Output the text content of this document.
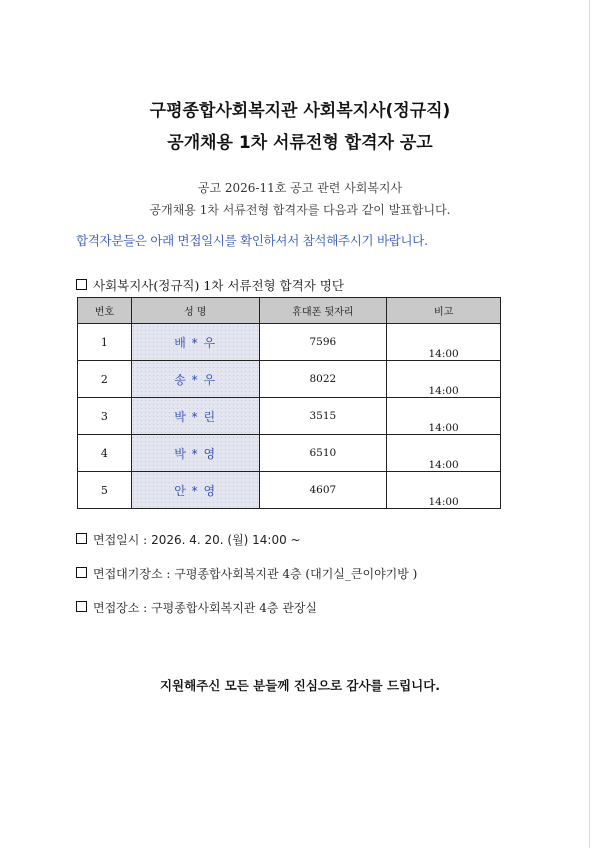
구평종합사회복지관 사회복지사(정규직)
공개채용 1차 서류전형 합격자 공고
공고 2026-11호 공고 관련 사회복지사
공개채용 1차 서류전형 합격자를 다음과 같이 발표합니다.
합격자분들은 아래 면접일시를 확인하셔서 참석해주시기 바랍니다.
사회복지사(정규직) 1차 서류전형 합격자 명단
번호	성 명	휴대폰 뒷자리	비고
1	배 * 우	7596	14:00
2	송 * 우	8022	14:00
3	박 * 린	3515	14:00
4	박 * 영	6510	14:00
5	안 * 영	4607	14:00
면접일시 : 2026. 4. 20. (월) 14:00 ~
면접대기장소 : 구평종합사회복지관 4층 (대기실_큰이야기방 )
면접장소 : 구평종합사회복지관 4층 관장실
지원해주신 모든 분들께 진심으로 감사를 드립니다.
